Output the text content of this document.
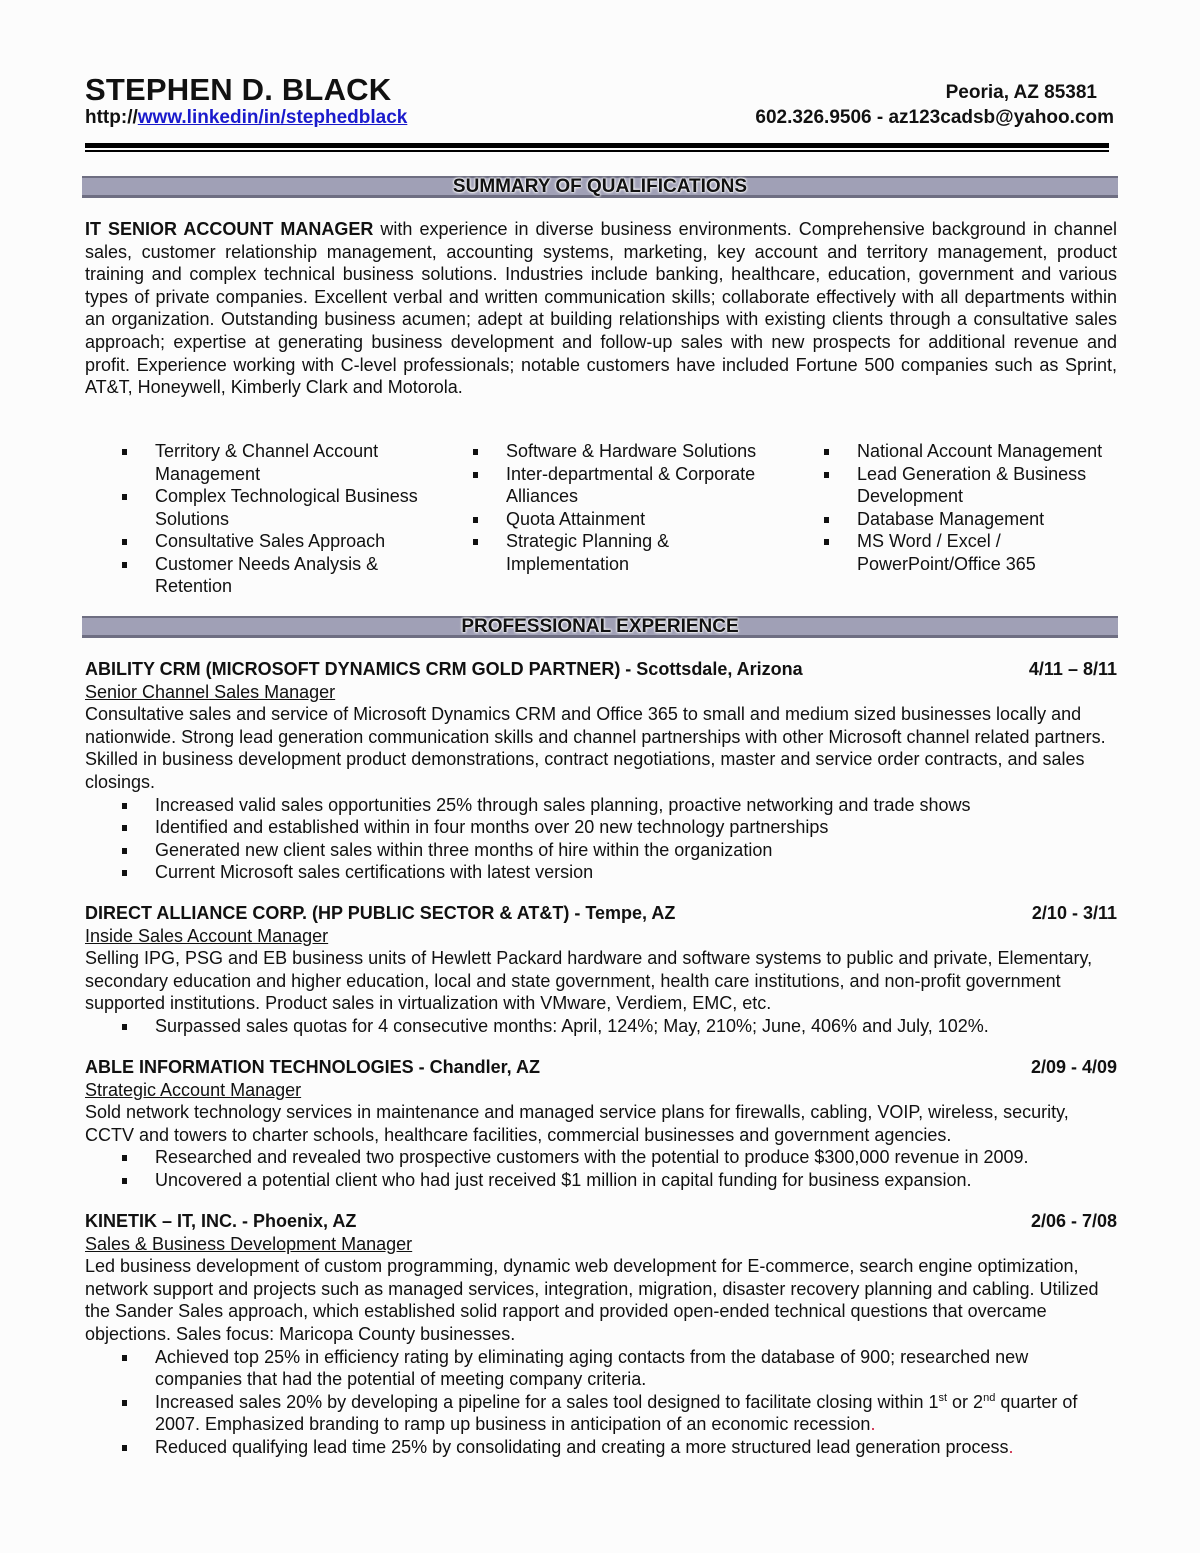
STEPHEN D. BLACK
http://www.linkedin/in/stephedblack
Peoria, AZ 85381
602.326.9506 - az123cadsb@yahoo.com
SUMMARY OF QUALIFICATIONS
IT SENIOR ACCOUNT MANAGER with experience in diverse business environments. Comprehensive background in channel sales, customer relationship management, accounting systems, marketing, key account and territory management, product training and complex technical business solutions. Industries include banking, healthcare, education, government and various types of private companies. Excellent verbal and written communication skills; collaborate effectively with all departments within an organization. Outstanding business acumen; adept at building relationships with existing clients through a consultative sales approach; expertise at generating business development and follow-up sales with new prospects for additional revenue and profit. Experience working with C-level professionals; notable customers have included Fortune 500 companies such as Sprint, AT&T, Honeywell, Kimberly Clark and Motorola.
Territory & Channel Account Management
Complex Technological Business Solutions
Consultative Sales Approach
Customer Needs Analysis & Retention
Software & Hardware Solutions
Inter-departmental & Corporate Alliances
Quota Attainment
Strategic Planning & Implementation
National Account Management
Lead Generation & Business Development
Database Management
MS Word / Excel / PowerPoint/Office 365
PROFESSIONAL EXPERIENCE
ABILITY CRM (MICROSOFT DYNAMICS CRM GOLD PARTNER) - Scottsdale, Arizona	4/11 – 8/11
Senior Channel Sales Manager
Consultative sales and service of Microsoft Dynamics CRM and Office 365 to small and medium sized businesses locally and nationwide. Strong lead generation communication skills and channel partnerships with other Microsoft channel related partners. Skilled in business development product demonstrations, contract negotiations, master and service order contracts, and sales closings.
Increased valid sales opportunities 25% through sales planning, proactive networking and trade shows
Identified and established within in four months over 20 new technology partnerships
Generated new client sales within three months of hire within the organization
Current Microsoft sales certifications with latest version
DIRECT ALLIANCE CORP. (HP PUBLIC SECTOR & AT&T) - Tempe, AZ	2/10 - 3/11
Inside Sales Account Manager
Selling IPG, PSG and EB business units of Hewlett Packard hardware and software systems to public and private, Elementary, secondary education and higher education, local and state government, health care institutions, and non-profit government supported institutions. Product sales in virtualization with VMware, Verdiem, EMC, etc.
Surpassed sales quotas for 4 consecutive months: April, 124%; May, 210%; June, 406% and July, 102%.
ABLE INFORMATION TECHNOLOGIES - Chandler, AZ	2/09 - 4/09
Strategic Account Manager
Sold network technology services in maintenance and managed service plans for firewalls, cabling, VOIP, wireless, security, CCTV and towers to charter schools, healthcare facilities, commercial businesses and government agencies.
Researched and revealed two prospective customers with the potential to produce $300,000 revenue in 2009.
Uncovered a potential client who had just received $1 million in capital funding for business expansion.
KINETIK – IT, INC. - Phoenix, AZ	2/06 - 7/08
Sales & Business Development Manager
Led business development of custom programming, dynamic web development for E-commerce, search engine optimization, network support and projects such as managed services, integration, migration, disaster recovery planning and cabling. Utilized the Sander Sales approach, which established solid rapport and provided open-ended technical questions that overcame objections. Sales focus: Maricopa County businesses.
Achieved top 25% in efficiency rating by eliminating aging contacts from the database of 900; researched new companies that had the potential of meeting company criteria.
Increased sales 20% by developing a pipeline for a sales tool designed to facilitate closing within 1st or 2nd quarter of 2007. Emphasized branding to ramp up business in anticipation of an economic recession.
Reduced qualifying lead time 25% by consolidating and creating a more structured lead generation process.
